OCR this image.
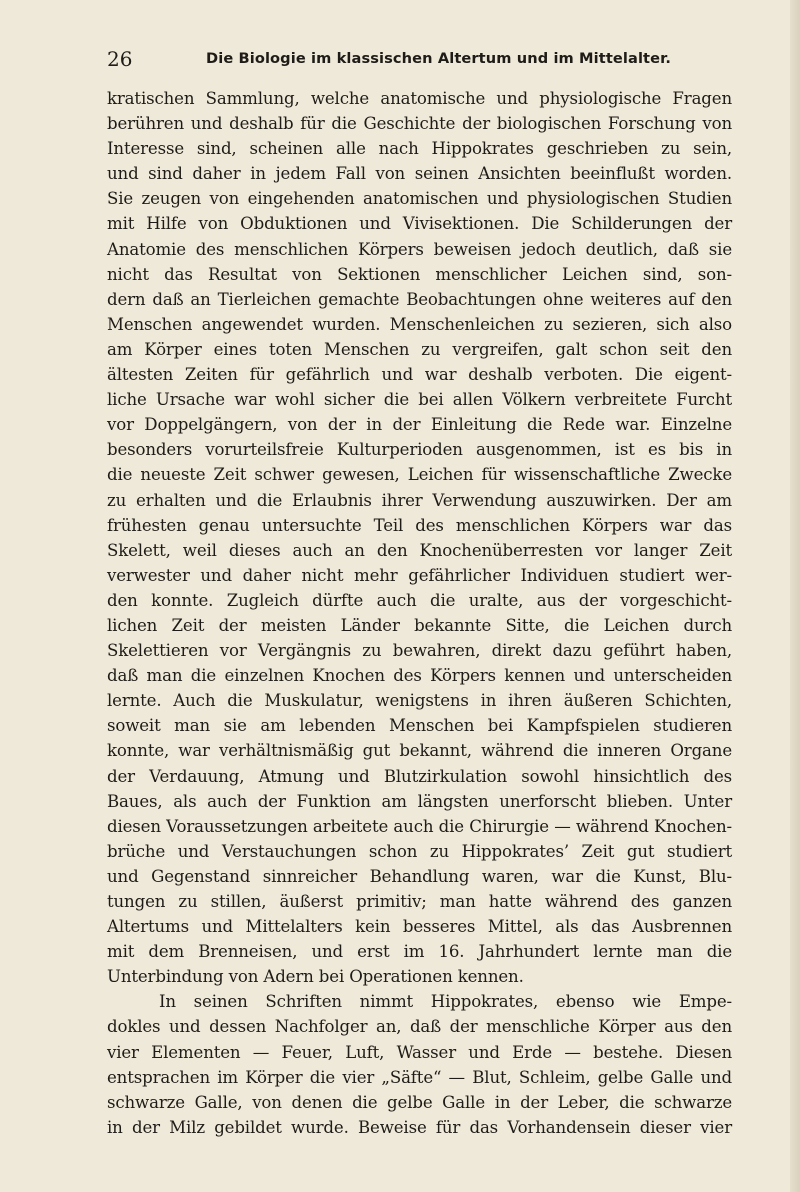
26	Die Biologie im klassischen Altertum und im Mittelalter.
kratischen Sammlung, welche anatomische und physiologische Fragen
berühren und deshalb für die Geschichte der biologischen Forschung von
Interesse sind, scheinen alle nach Hippokrates geschrieben zu sein,
und sind daher in jedem Fall von seinen Ansichten beeinflußt worden.
Sie zeugen von eingehenden anatomischen und physiologischen Studien
mit Hilfe von Obduktionen und Vivisektionen. Die Schilderungen der
Anatomie des menschlichen Körpers beweisen jedoch deutlich, daß sie
nicht das Resultat von Sektionen menschlicher Leichen sind, son-
dern daß an Tierleichen gemachte Beobachtungen ohne weiteres auf den
Menschen angewendet wurden. Menschenleichen zu sezieren, sich also
am Körper eines toten Menschen zu vergreifen, galt schon seit den
ältesten Zeiten für gefährlich und war deshalb verboten. Die eigent-
liche Ursache war wohl sicher die bei allen Völkern verbreitete Furcht
vor Doppelgängern, von der in der Einleitung die Rede war. Einzelne
besonders vorurteilsfreie Kulturperioden ausgenommen, ist es bis in
die neueste Zeit schwer gewesen, Leichen für wissenschaftliche Zwecke
zu erhalten und die Erlaubnis ihrer Verwendung auszuwirken. Der am
frühesten genau untersuchte Teil des menschlichen Körpers war das
Skelett, weil dieses auch an den Knochenüberresten vor langer Zeit
verwester und daher nicht mehr gefährlicher Individuen studiert wer-
den konnte. Zugleich dürfte auch die uralte, aus der vorgeschicht-
lichen Zeit der meisten Länder bekannte Sitte, die Leichen durch
Skelettieren vor Vergängnis zu bewahren, direkt dazu geführt haben,
daß man die einzelnen Knochen des Körpers kennen und unterscheiden
lernte. Auch die Muskulatur, wenigstens in ihren äußeren Schichten,
soweit man sie am lebenden Menschen bei Kampfspielen studieren
konnte, war verhältnismäßig gut bekannt, während die inneren Organe
der Verdauung, Atmung und Blutzirkulation sowohl hinsichtlich des
Baues, als auch der Funktion am längsten unerforscht blieben. Unter
diesen Voraussetzungen arbeitete auch die Chirurgie — während Knochen-
brüche und Verstauchungen schon zu Hippokrates’ Zeit gut studiert
und Gegenstand sinnreicher Behandlung waren, war die Kunst, Blu-
tungen zu stillen, äußerst primitiv; man hatte während des ganzen
Altertums und Mittelalters kein besseres Mittel, als das Ausbrennen
mit dem Brenneisen, und erst im 16. Jahrhundert lernte man die
Unterbindung von Adern bei Operationen kennen.
In seinen Schriften nimmt Hippokrates, ebenso wie Empe-
dokles und dessen Nachfolger an, daß der menschliche Körper aus den
vier Elementen — Feuer, Luft, Wasser und Erde — bestehe. Diesen
entsprachen im Körper die vier „Säfte“ — Blut, Schleim, gelbe Galle und
schwarze Galle, von denen die gelbe Galle in der Leber, die schwarze
in der Milz gebildet wurde. Beweise für das Vorhandensein dieser vier
